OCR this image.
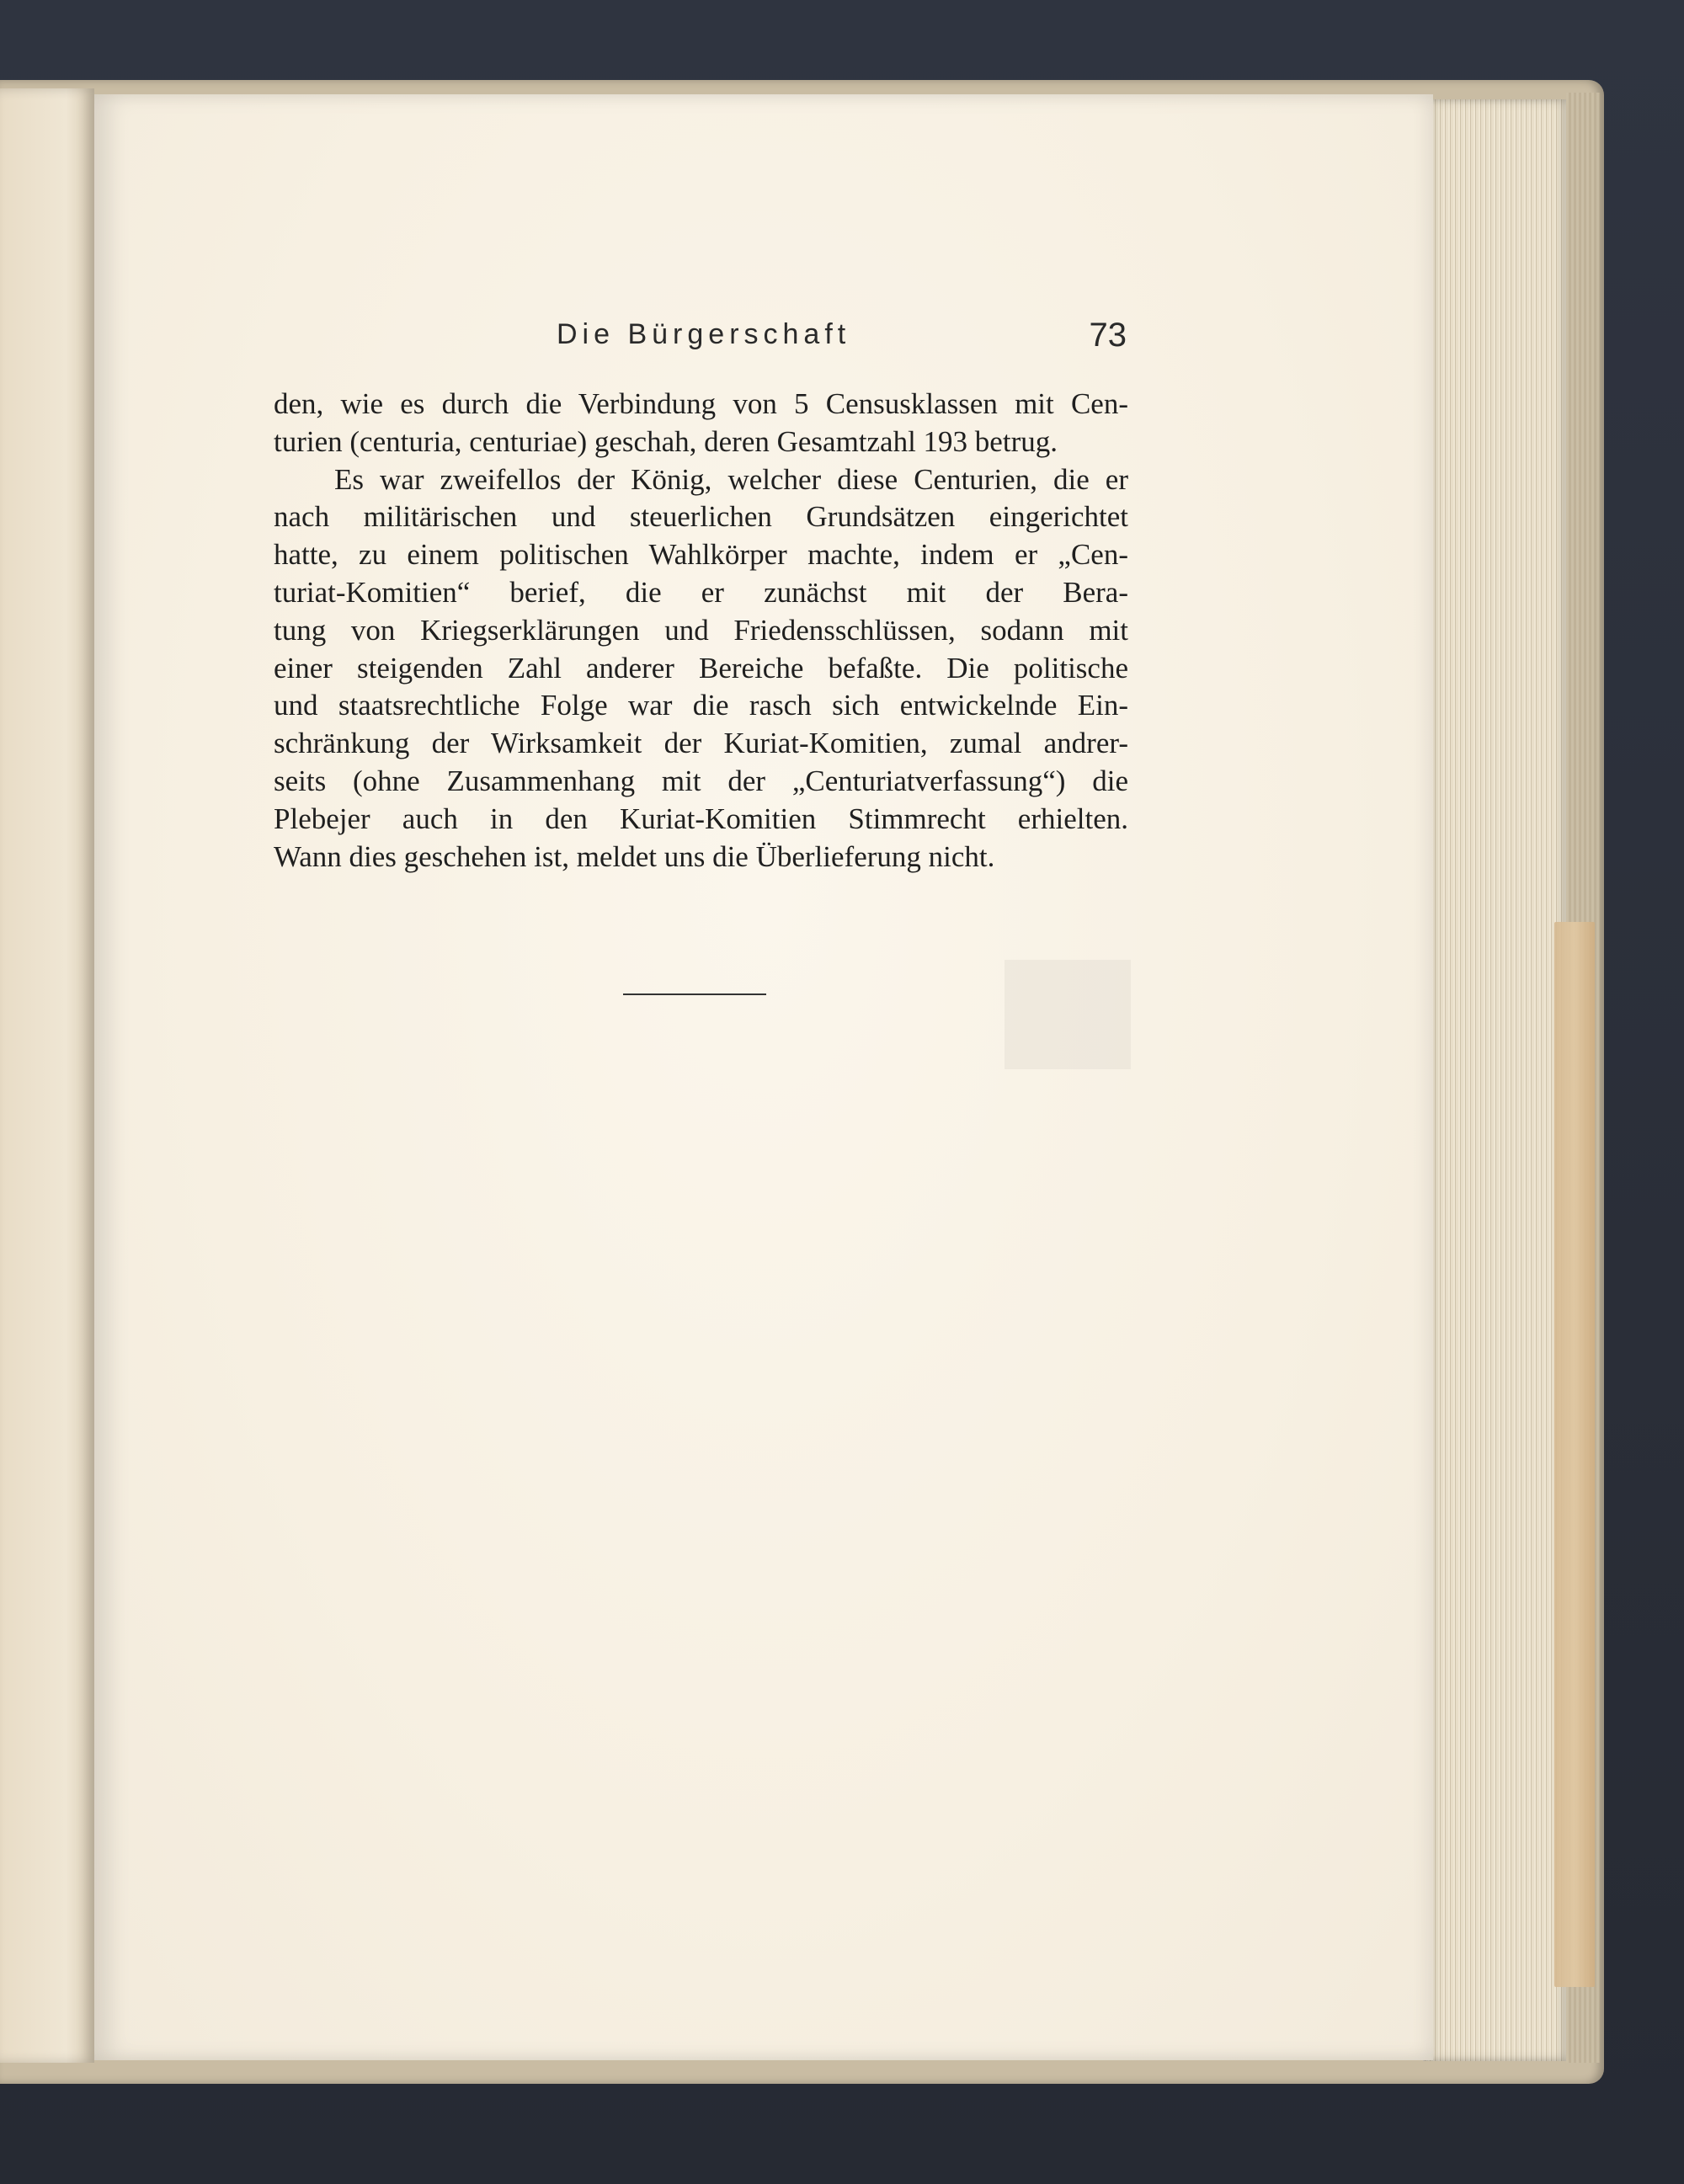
Die Bürgerschaft	73
den, wie es durch die Verbindung von 5 Censusklassen mit Cen-
turien (centuria, centuriae) geschah, deren Gesamtzahl 193 betrug.
Es war zweifellos der König, welcher diese Centurien, die er
nach militärischen und steuerlichen Grundsätzen eingerichtet
hatte, zu einem politischen Wahlkörper machte, indem er „Cen-
turiat-Komitien“ berief, die er zunächst mit der Bera-
tung von Kriegserklärungen und Friedensschlüssen, sodann mit
einer steigenden Zahl anderer Bereiche befaßte. Die politische
und staatsrechtliche Folge war die rasch sich entwickelnde Ein-
schränkung der Wirksamkeit der Kuriat-Komitien, zumal andrer-
seits (ohne Zusammenhang mit der „Centuriatverfassung“) die
Plebejer auch in den Kuriat-Komitien Stimmrecht erhielten.
Wann dies geschehen ist, meldet uns die Überlieferung nicht.
